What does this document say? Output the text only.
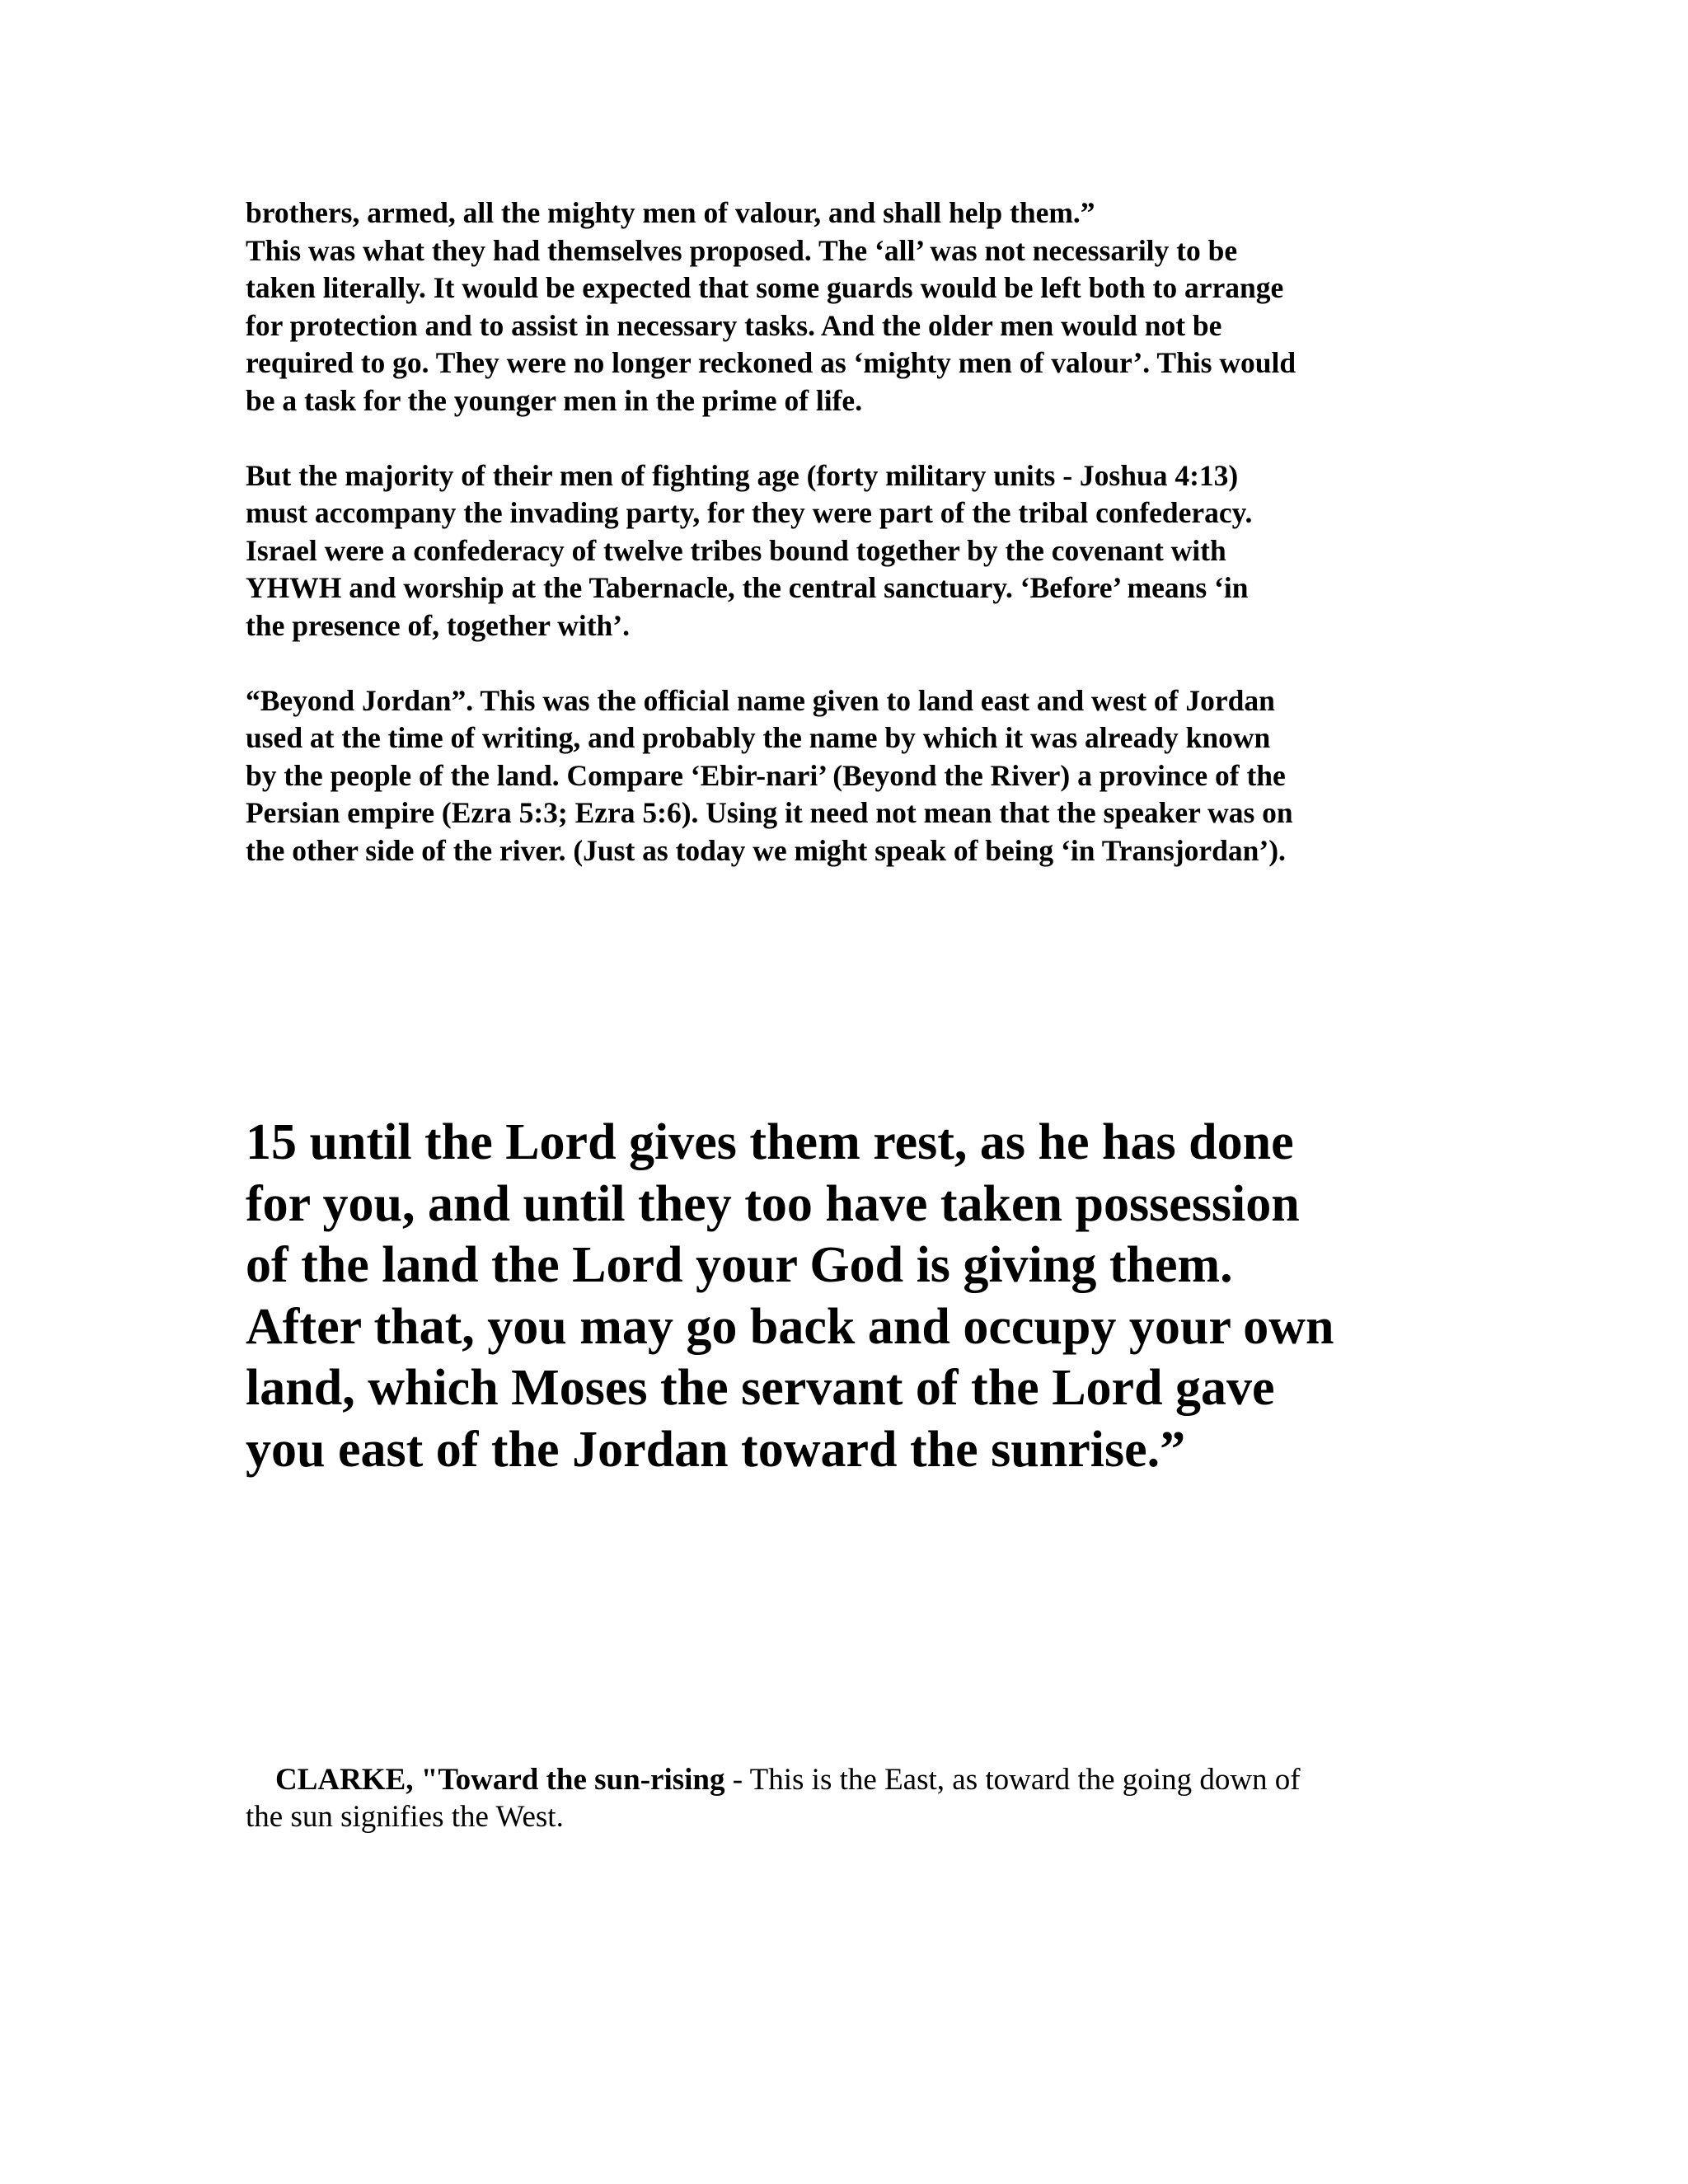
brothers, armed, all the mighty men of valour, and shall help them.”

This was what they had themselves proposed. The ‘all’ was not necessarily to be

taken literally. It would be expected that some guards would be left both to arrange

for protection and to assist in necessary tasks. And the older men would not be

required to go. They were no longer reckoned as ‘mighty men of valour’. This would

be a task for the younger men in the prime of life.

But the majority of their men of fighting age (forty military units - Joshua 4:13)

must accompany the invading party, for they were part of the tribal confederacy.

Israel were a confederacy of twelve tribes bound together by the covenant with

YHWH and worship at the Tabernacle, the central sanctuary. ‘Before’ means ‘in

the presence of, together with’.

“Beyond Jordan”. This was the official name given to land east and west of Jordan

used at the time of writing, and probably the name by which it was already known

by the people of the land. Compare ‘Ebir-nari’ (Beyond the River) a province of the

Persian empire (Ezra 5:3; Ezra 5:6). Using it need not mean that the speaker was on

the other side of the river. (Just as today we might speak of being ‘in Transjordan’).

15 until the Lord gives them rest, as he has done

for you, and until they too have taken possession

of the land the Lord your God is giving them.

After that, you may go back and occupy your own

land, which Moses the servant of the Lord gave

you east of the Jordan toward the sunrise.”

CLARKE, "Toward the sun-rising - This is the East, as toward the going down of

the sun signifies the West.
